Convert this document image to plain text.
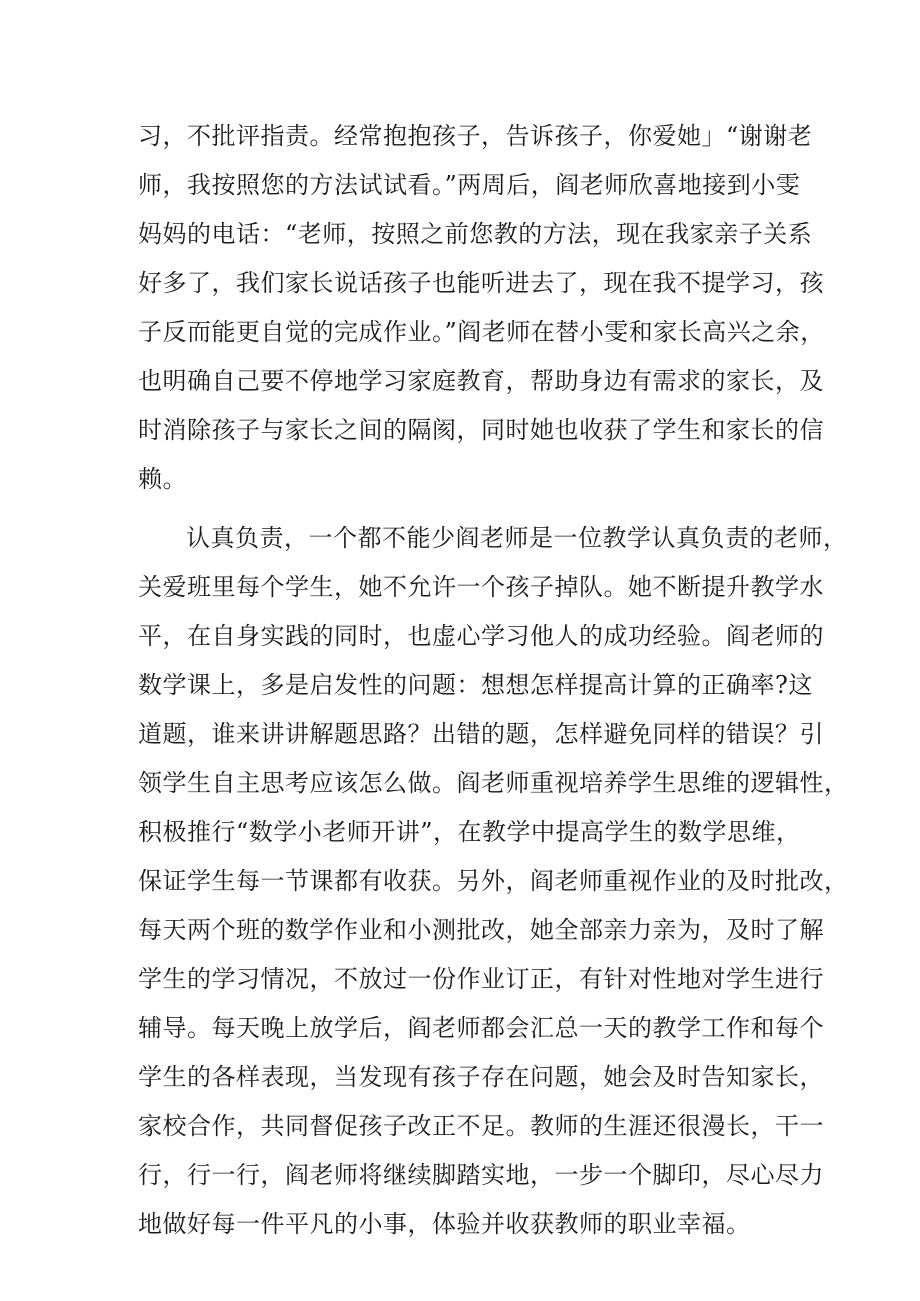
习，不批评指责。经常抱抱孩子，告诉孩子，你爱她」“谢谢老
师，我按照您的方法试试看。”两周后，阎老师欣喜地接到小雯
妈妈的电话：“老师，按照之前您教的方法，现在我家亲子关系
好多了，我们家长说话孩子也能听进去了，现在我不提学习，孩
子反而能更自觉的完成作业。”阎老师在替小雯和家长高兴之余，
也明确自己要不停地学习家庭教育，帮助身边有需求的家长，及
时消除孩子与家长之间的隔阂，同时她也收获了学生和家长的信
赖。
认真负责，一个都不能少阎老师是一位教学认真负责的老师，
关爱班里每个学生，她不允许一个孩子掉队。她不断提升教学水
平，在自身实践的同时，也虚心学习他人的成功经验。阎老师的
数学课上，多是启发性的问题：想想怎样提高计算的正确率?这
道题，谁来讲讲解题思路？出错的题，怎样避免同样的错误？引
领学生自主思考应该怎么做。阎老师重视培养学生思维的逻辑性，
积极推行“数学小老师开讲”，在教学中提高学生的数学思维，
保证学生每一节课都有收获。另外，阎老师重视作业的及时批改，
每天两个班的数学作业和小测批改，她全部亲力亲为，及时了解
学生的学习情况，不放过一份作业订正，有针对性地对学生进行
辅导。每天晚上放学后，阎老师都会汇总一天的教学工作和每个
学生的各样表现，当发现有孩子存在问题，她会及时告知家长，
家校合作，共同督促孩子改正不足。教师的生涯还很漫长，干一
行，行一行，阎老师将继续脚踏实地，一步一个脚印，尽心尽力
地做好每一件平凡的小事，体验并收获教师的职业幸福。
